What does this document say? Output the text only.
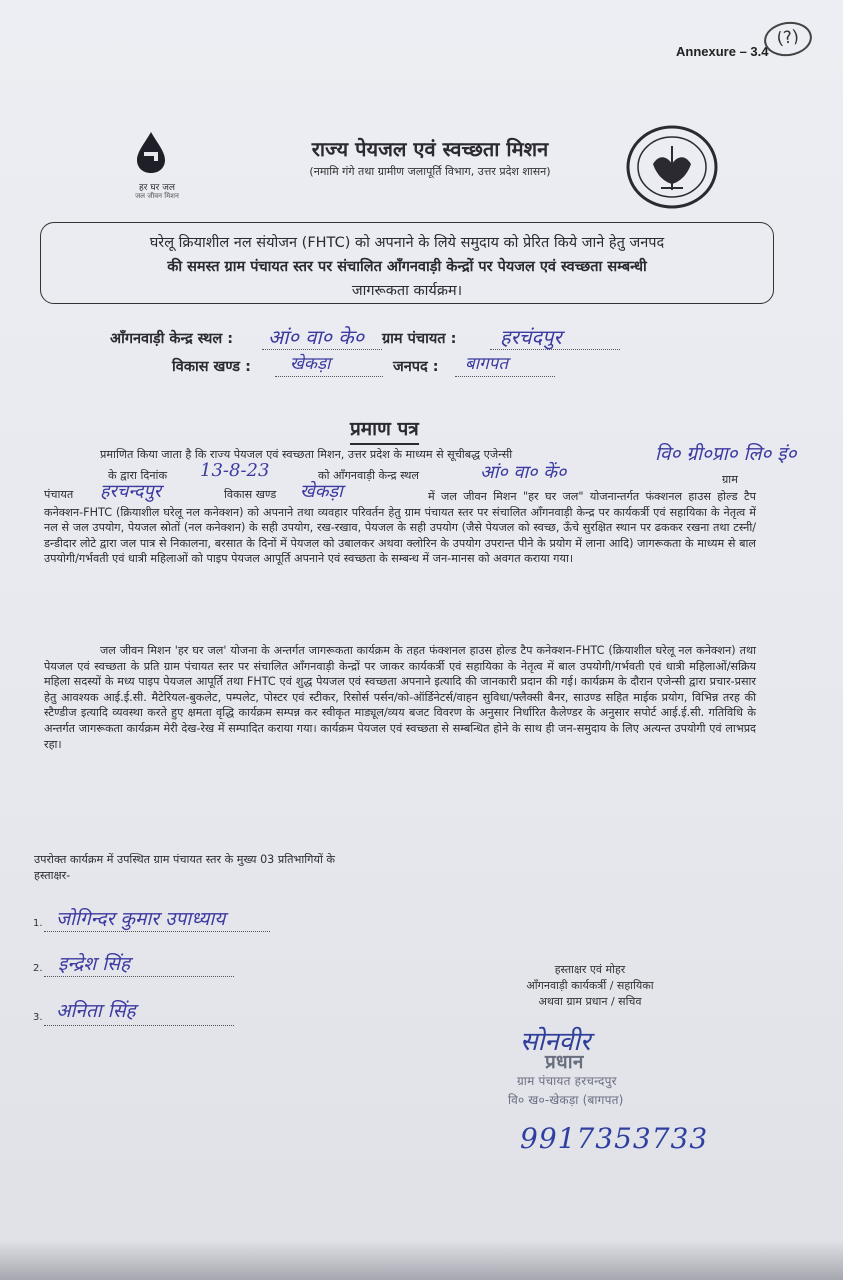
Annexure – 3.4
(?)
हर घर जल
जल जीवन मिशन
राज्य पेयजल एवं स्वच्छता मिशन
(नमामि गंगे तथा ग्रामीण जलापूर्ति विभाग, उत्तर प्रदेश शासन)
घरेलू क्रियाशील नल संयोजन (FHTC) को अपनाने के लिये समुदाय को प्रेरित किये जाने हेतु जनपद
की समस्त ग्राम पंचायत स्तर पर संचालित आँगनवाड़ी केन्द्रों पर पेयजल एवं स्वच्छता सम्बन्धी
जागरूकता कार्यक्रम।
आँगनवाड़ी केन्द्र स्थल : आं० वा० के० ग्राम पंचायत : हरचंदपुर
विकास खण्ड : खेकड़ा	जनपद : बागपत
प्रमाण पत्र
प्रमाणित किया जाता है कि राज्य पेयजल एवं स्वच्छता मिशन, उत्तर प्रदेश के माध्यम से सूचीबद्ध एजेन्सी	वि० ग्री०प्रा० लि० इं०
के द्वारा दिनांक	13-8-23	को आँगनवाड़ी केन्द्र स्थल	आं० वा० कें०	ग्राम
पंचायत	हरचन्दपुर	विकास खण्ड	खेकड़ा	में जल जीवन मिशन "हर घर जल" योजनान्तर्गत फंक्शनल हाउस होल्ड टैप कनेक्शन-FHTC (क्रियाशील घरेलू नल कनेक्शन) को अपनाने तथा व्यवहार परिवर्तन हेतु ग्राम पंचायत स्तर पर संचालित आँगनवाड़ी केन्द्र पर कार्यकर्त्री एवं सहायिका के नेतृत्व में नल से जल उपयोग, पेयजल स्रोतों (नल कनेक्शन) के सही उपयोग, रख-रखाव, पेयजल के सही उपयोग (जैसे पेयजल को स्वच्छ, ऊँचे सुरक्षित स्थान पर ढककर रखना तथा टस्नी/डन्डीदार लोटे द्वारा जल पात्र से निकालना, बरसात के दिनों में पेयजल को उबालकर अथवा क्लोरिन के उपयोग उपरान्त पीने के प्रयोग में लाना आदि) जागरूकता के माध्यम से बाल उपयोगी/गर्भवती एवं धात्री महिलाओं को पाइप पेयजल आपूर्ति अपनाने एवं स्वच्छता के सम्बन्ध में जन-मानस को अवगत कराया गया।
जल जीवन मिशन 'हर घर जल' योजना के अन्तर्गत जागरूकता कार्यक्रम के तहत फंक्शनल हाउस होल्ड टैप कनेक्शन-FHTC (क्रियाशील घरेलू नल कनेक्शन) तथा पेयजल एवं स्वच्छता के प्रति ग्राम पंचायत स्तर पर संचालित आँगनवाड़ी केन्द्रों पर जाकर कार्यकर्त्री एवं सहायिका के नेतृत्व में बाल उपयोगी/गर्भवती एवं धात्री महिलाओं/सक्रिय महिला सदस्यों के मध्य पाइप पेयजल आपूर्ति तथा FHTC एवं शुद्ध पेयजल एवं स्वच्छता अपनाने इत्यादि की जानकारी प्रदान की गई। कार्यक्रम के दौरान एजेन्सी द्वारा प्रचार-प्रसार हेतु आवश्यक आई.ई.सी. मैटेरियल-बुकलेट, पम्पलेट, पोस्टर एवं स्टीकर, रिसोर्स पर्सन/को-ऑर्डिनेटर्स/वाहन सुविधा/फ्लैक्सी बैनर, साउण्ड सहित माईक प्रयोग, विभिन्न तरह की स्टैण्डीज इत्यादि व्यवस्था करते हुए क्षमता वृद्धि कार्यक्रम सम्पन्न कर स्वीकृत माड्यूल/व्यय बजट विवरण के अनुसार निर्धारित कैलेण्डर के अनुसार सपोर्ट आई.ई.सी. गतिविधि के अन्तर्गत जागरूकता कार्यक्रम मेरी देख-रेख में सम्पादित कराया गया। कार्यक्रम पेयजल एवं स्वच्छता से सम्बन्धित होने के साथ ही जन-समुदाय के लिए अत्यन्त उपयोगी एवं लाभप्रद रहा।
उपरोक्त कार्यक्रम में उपस्थित ग्राम पंचायत स्तर के मुख्य 03 प्रतिभागियों के
हस्ताक्षर-
1. जोगिन्दर कुमार उपाध्याय
2. इन्द्रेश सिंह
3. अनिता सिंह
हस्ताक्षर एवं मोहर
आँगनवाड़ी कार्यकर्त्री / सहायिका
अथवा ग्राम प्रधान / सचिव
सोनवीर
प्रधान
ग्राम पंचायत हरचन्दपुर
वि० ख०-खेकड़ा (बागपत)
9917353733
